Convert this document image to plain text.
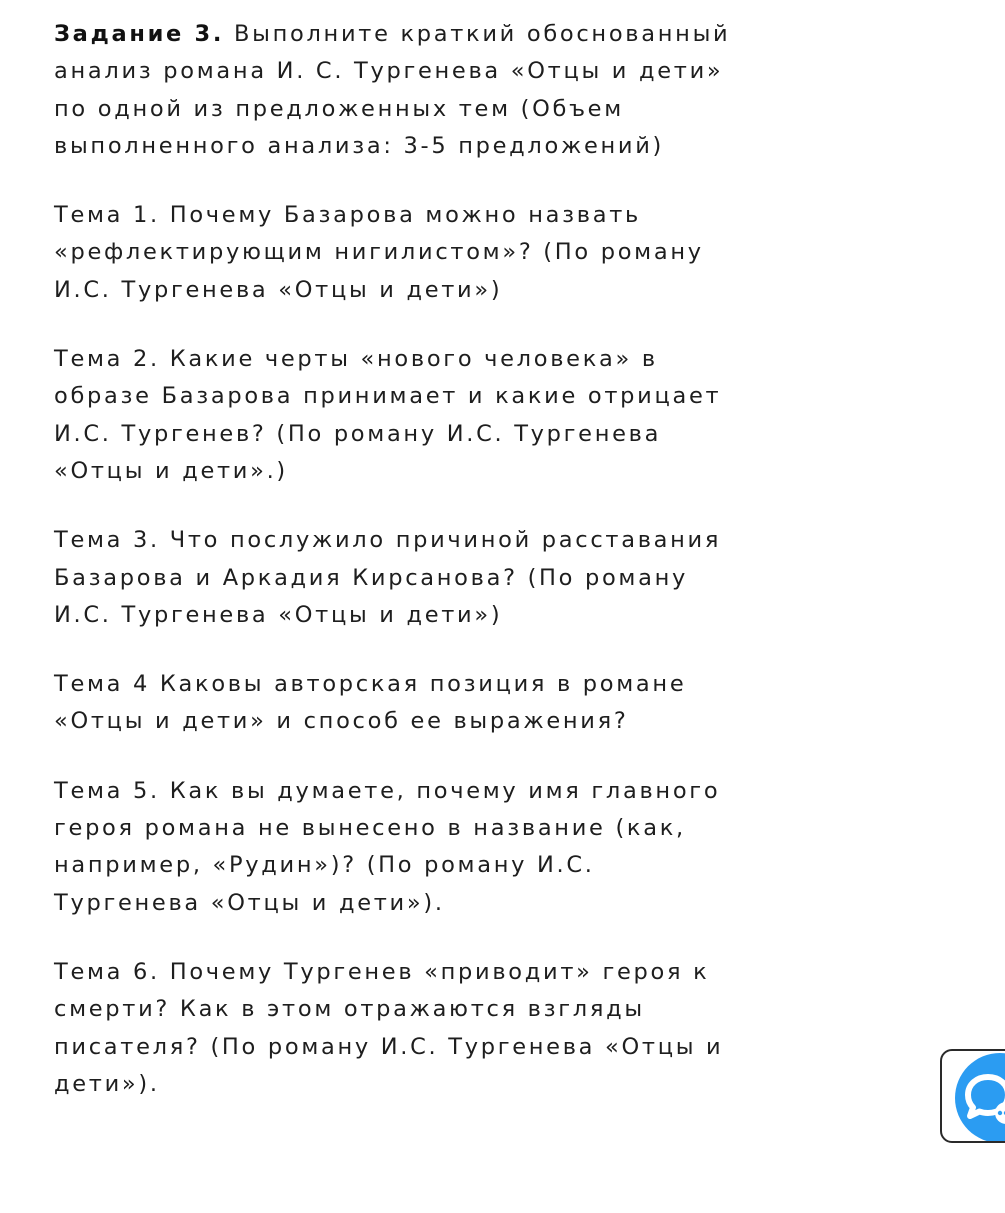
Задание 3. Выполните краткий обоснованный анализ романа И. С. Тургенева «Отцы и дети» по одной из предложенных тем (Объем выполненного анализа: 3-5 предложений)

Тема 1. Почему Базарова можно назвать «рефлектирующим нигилистом»? (По роману И.С. Тургенева «Отцы и дети»)

Тема 2. Какие черты «нового человека» в образе Базарова принимает и какие отрицает И.С. Тургенев? (По роману И.С. Тургенева «Отцы и дети».)

Тема 3. Что послужило причиной расставания Базарова и Аркадия Кирсанова? (По роману И.С. Тургенева «Отцы и дети»)

Тема 4 Каковы авторская позиция в романе «Отцы и дети» и способ ее выражения?

Тема 5. Как вы думаете, почему имя главного героя романа не вынесено в название (как, например, «Рудин»)? (По роману И.С. Тургенева «Отцы и дети»).

Тема 6. Почему Тургенев «приводит» героя к смерти? Как в этом отражаются взгляды писателя? (По роману И.С. Тургенева «Отцы и дети»).
